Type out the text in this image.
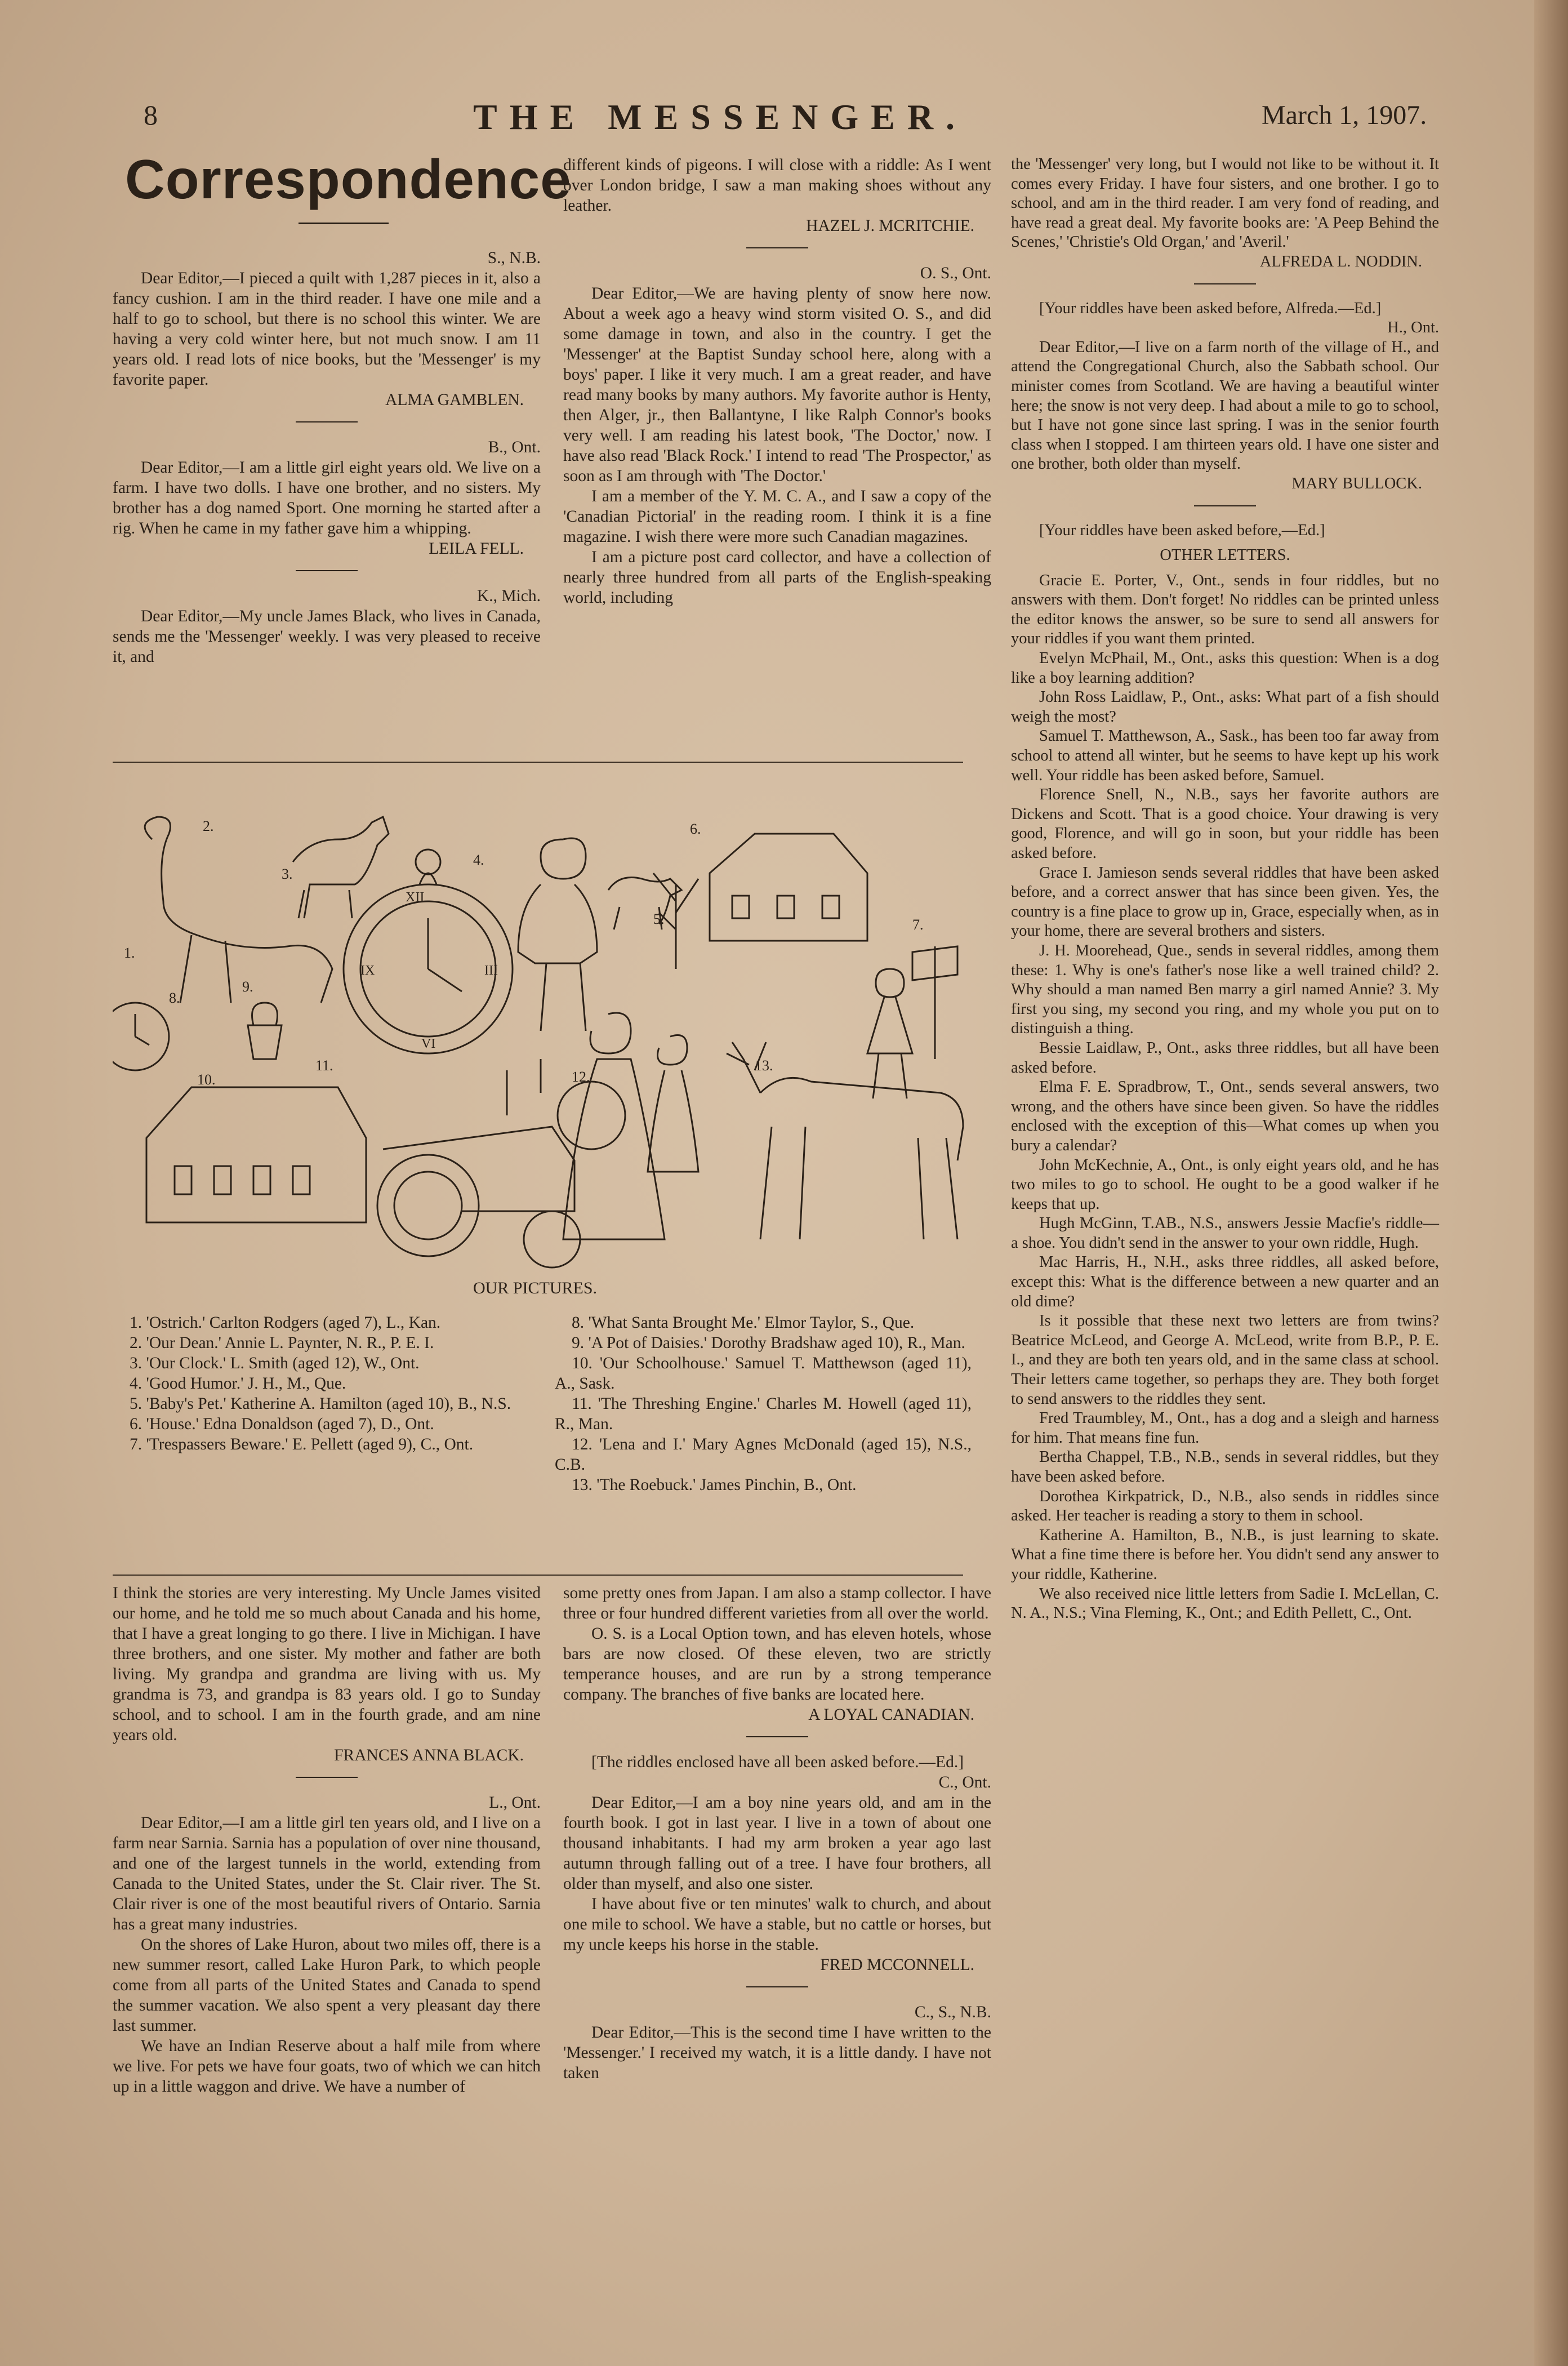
8	THE MESSENGER.	March 1, 1907.
Correspondence

S., N.B.

Dear Editor,—I pieced a quilt with 1,287 pieces in it, also a fancy cushion. I am in the third reader. I have one mile and a half to go to school, but there is no school this winter. We are having a very cold winter here, but not much snow. I am 11 years old. I read lots of nice books, but the 'Messenger' is my favorite paper.

ALMA GAMBLEN.

B., Ont.

Dear Editor,—I am a little girl eight years old. We live on a farm. I have two dolls. I have one brother, and no sisters. My brother has a dog named Sport. One morning he started after a rig. When he came in my father gave him a whipping.

LEILA FELL.

K., Mich.

Dear Editor,—My uncle James Black, who lives in Canada, sends me the 'Messenger' weekly. I was very pleased to receive it, and

different kinds of pigeons. I will close with a riddle: As I went over London bridge, I saw a man making shoes without any leather.

HAZEL J. MCRITCHIE.

O. S., Ont.

Dear Editor,—We are having plenty of snow here now. About a week ago a heavy wind storm visited O. S., and did some damage in town, and also in the country. I get the 'Messenger' at the Baptist Sunday school here, along with a boys' paper. I like it very much. I am a great reader, and have read many books by many authors. My favorite author is Henty, then Alger, jr., then Ballantyne, I like Ralph Connor's books very well. I am reading his latest book, 'The Doctor,' now. I have also read 'Black Rock.' I intend to read 'The Prospector,' as soon as I am through with 'The Doctor.'

I am a member of the Y. M. C. A., and I saw a copy of the 'Canadian Pictorial' in the reading room. I think it is a fine magazine. I wish there were more such Canadian magazines.

I am a picture post card collector, and have a collection of nearly three hundred from all parts of the English-speaking world, including

the 'Messenger' very long, but I would not like to be without it. It comes every Friday. I have four sisters, and one brother. I go to school, and am in the third reader. I am very fond of reading, and have read a great deal. My favorite books are: 'A Peep Behind the Scenes,' 'Christie's Old Organ,' and 'Averil.'

ALFREDA L. NODDIN.

[Your riddles have been asked before, Alfreda.—Ed.]

H., Ont.

Dear Editor,—I live on a farm north of the village of H., and attend the Congregational Church, also the Sabbath school. Our minister comes from Scotland. We are having a beautiful winter here; the snow is not very deep. I had about a mile to go to school, but I have not gone since last spring. I was in the senior fourth class when I stopped. I am thirteen years old. I have one sister and one brother, both older than myself.

MARY BULLOCK.

[Your riddles have been asked before,—Ed.]

OTHER LETTERS.

Gracie E. Porter, V., Ont., sends in four riddles, but no answers with them. Don't forget! No riddles can be printed unless the editor knows the answer, so be sure to send all answers for your riddles if you want them printed.

Evelyn McPhail, M., Ont., asks this question: When is a dog like a boy learning addition?

John Ross Laidlaw, P., Ont., asks: What part of a fish should weigh the most?

Samuel T. Matthewson, A., Sask., has been too far away from school to attend all winter, but he seems to have kept up his work well. Your riddle has been asked before, Samuel.

Florence Snell, N., N.B., says her favorite authors are Dickens and Scott. That is a good choice. Your drawing is very good, Florence, and will go in soon, but your riddle has been asked before.

Grace I. Jamieson sends several riddles that have been asked before, and a correct answer that has since been given. Yes, the country is a fine place to grow up in, Grace, especially when, as in your home, there are several brothers and sisters.

J. H. Moorehead, Que., sends in several riddles, among them these: 1. Why is one's father's nose like a well trained child? 2. Why should a man named Ben marry a girl named Annie? 3. My first you sing, my second you ring, and my whole you put on to distinguish a thing.

Bessie Laidlaw, P., Ont., asks three riddles, but all have been asked before.

Elma F. E. Spradbrow, T., Ont., sends several answers, two wrong, and the others have since been given. So have the riddles enclosed with the exception of this—What comes up when you bury a calendar?

John McKechnie, A., Ont., is only eight years old, and he has two miles to go to school. He ought to be a good walker if he keeps that up.

Hugh McGinn, T.AB., N.S., answers Jessie Macfie's riddle—a shoe. You didn't send in the answer to your own riddle, Hugh.

Mac Harris, H., N.H., asks three riddles, all asked before, except this: What is the difference between a new quarter and an old dime?

Is it possible that these next two letters are from twins? Beatrice McLeod, and George A. McLeod, write from B.P., P. E. I., and they are both ten years old, and in the same class at school. Their letters came together, so perhaps they are. They both forget to send answers to the riddles they sent.

Fred Traumbley, M., Ont., has a dog and a sleigh and harness for him. That means fine fun.

Bertha Chappel, T.B., N.B., sends in several riddles, but they have been asked before.

Dorothea Kirkpatrick, D., N.B., also sends in riddles since asked. Her teacher is reading a story to them in school.

Katherine A. Hamilton, B., N.B., is just learning to skate. What a fine time there is before her. You didn't send any answer to your riddle, Katherine.

We also received nice little letters from Sadie I. McLellan, C. N. A., N.S.; Vina Fleming, K., Ont.; and Edith Pellett, C., Ont.

2.
3.
4.
6.
7.
XII
III
VI
IX
10.
11.
12.
13.
1.
5.
8.
9.
OUR PICTURES.

1. 'Ostrich.' Carlton Rodgers (aged 7), L., Kan.

2. 'Our Dean.' Annie L. Paynter, N. R., P. E. I.

3. 'Our Clock.' L. Smith (aged 12), W., Ont.

4. 'Good Humor.' J. H., M., Que.

5. 'Baby's Pet.' Katherine A. Hamilton (aged 10), B., N.S.

6. 'House.' Edna Donaldson (aged 7), D., Ont.

7. 'Trespassers Beware.' E. Pellett (aged 9), C., Ont.

8. 'What Santa Brought Me.' Elmor Taylor, S., Que.

9. 'A Pot of Daisies.' Dorothy Bradshaw aged 10), R., Man.

10. 'Our Schoolhouse.' Samuel T. Matthewson (aged 11), A., Sask.

11. 'The Threshing Engine.' Charles M. Howell (aged 11), R., Man.

12. 'Lena and I.' Mary Agnes McDonald (aged 15), N.S., C.B.

13. 'The Roebuck.' James Pinchin, B., Ont.

I think the stories are very interesting. My Uncle James visited our home, and he told me so much about Canada and his home, that I have a great longing to go there. I live in Michigan. I have three brothers, and one sister. My mother and father are both living. My grandpa and grandma are living with us. My grandma is 73, and grandpa is 83 years old. I go to Sunday school, and to school. I am in the fourth grade, and am nine years old.

FRANCES ANNA BLACK.

L., Ont.

Dear Editor,—I am a little girl ten years old, and I live on a farm near Sarnia. Sarnia has a population of over nine thousand, and one of the largest tunnels in the world, extending from Canada to the United States, under the St. Clair river. The St. Clair river is one of the most beautiful rivers of Ontario. Sarnia has a great many industries.

On the shores of Lake Huron, about two miles off, there is a new summer resort, called Lake Huron Park, to which people come from all parts of the United States and Canada to spend the summer vacation. We also spent a very pleasant day there last summer.

We have an Indian Reserve about a half mile from where we live. For pets we have four goats, two of which we can hitch up in a little waggon and drive. We have a number of

some pretty ones from Japan. I am also a stamp collector. I have three or four hundred different varieties from all over the world.

O. S. is a Local Option town, and has eleven hotels, whose bars are now closed. Of these eleven, two are strictly temperance houses, and are run by a strong temperance company. The branches of five banks are located here.

A LOYAL CANADIAN.

[The riddles enclosed have all been asked before.—Ed.]

C., Ont.

Dear Editor,—I am a boy nine years old, and am in the fourth book. I got in last year. I live in a town of about one thousand inhabitants. I had my arm broken a year ago last autumn through falling out of a tree. I have four brothers, all older than myself, and also one sister.

I have about five or ten minutes' walk to church, and about one mile to school. We have a stable, but no cattle or horses, but my uncle keeps his horse in the stable.

FRED MCCONNELL.

C., S., N.B.

Dear Editor,—This is the second time I have written to the 'Messenger.' I received my watch, it is a little dandy. I have not taken
